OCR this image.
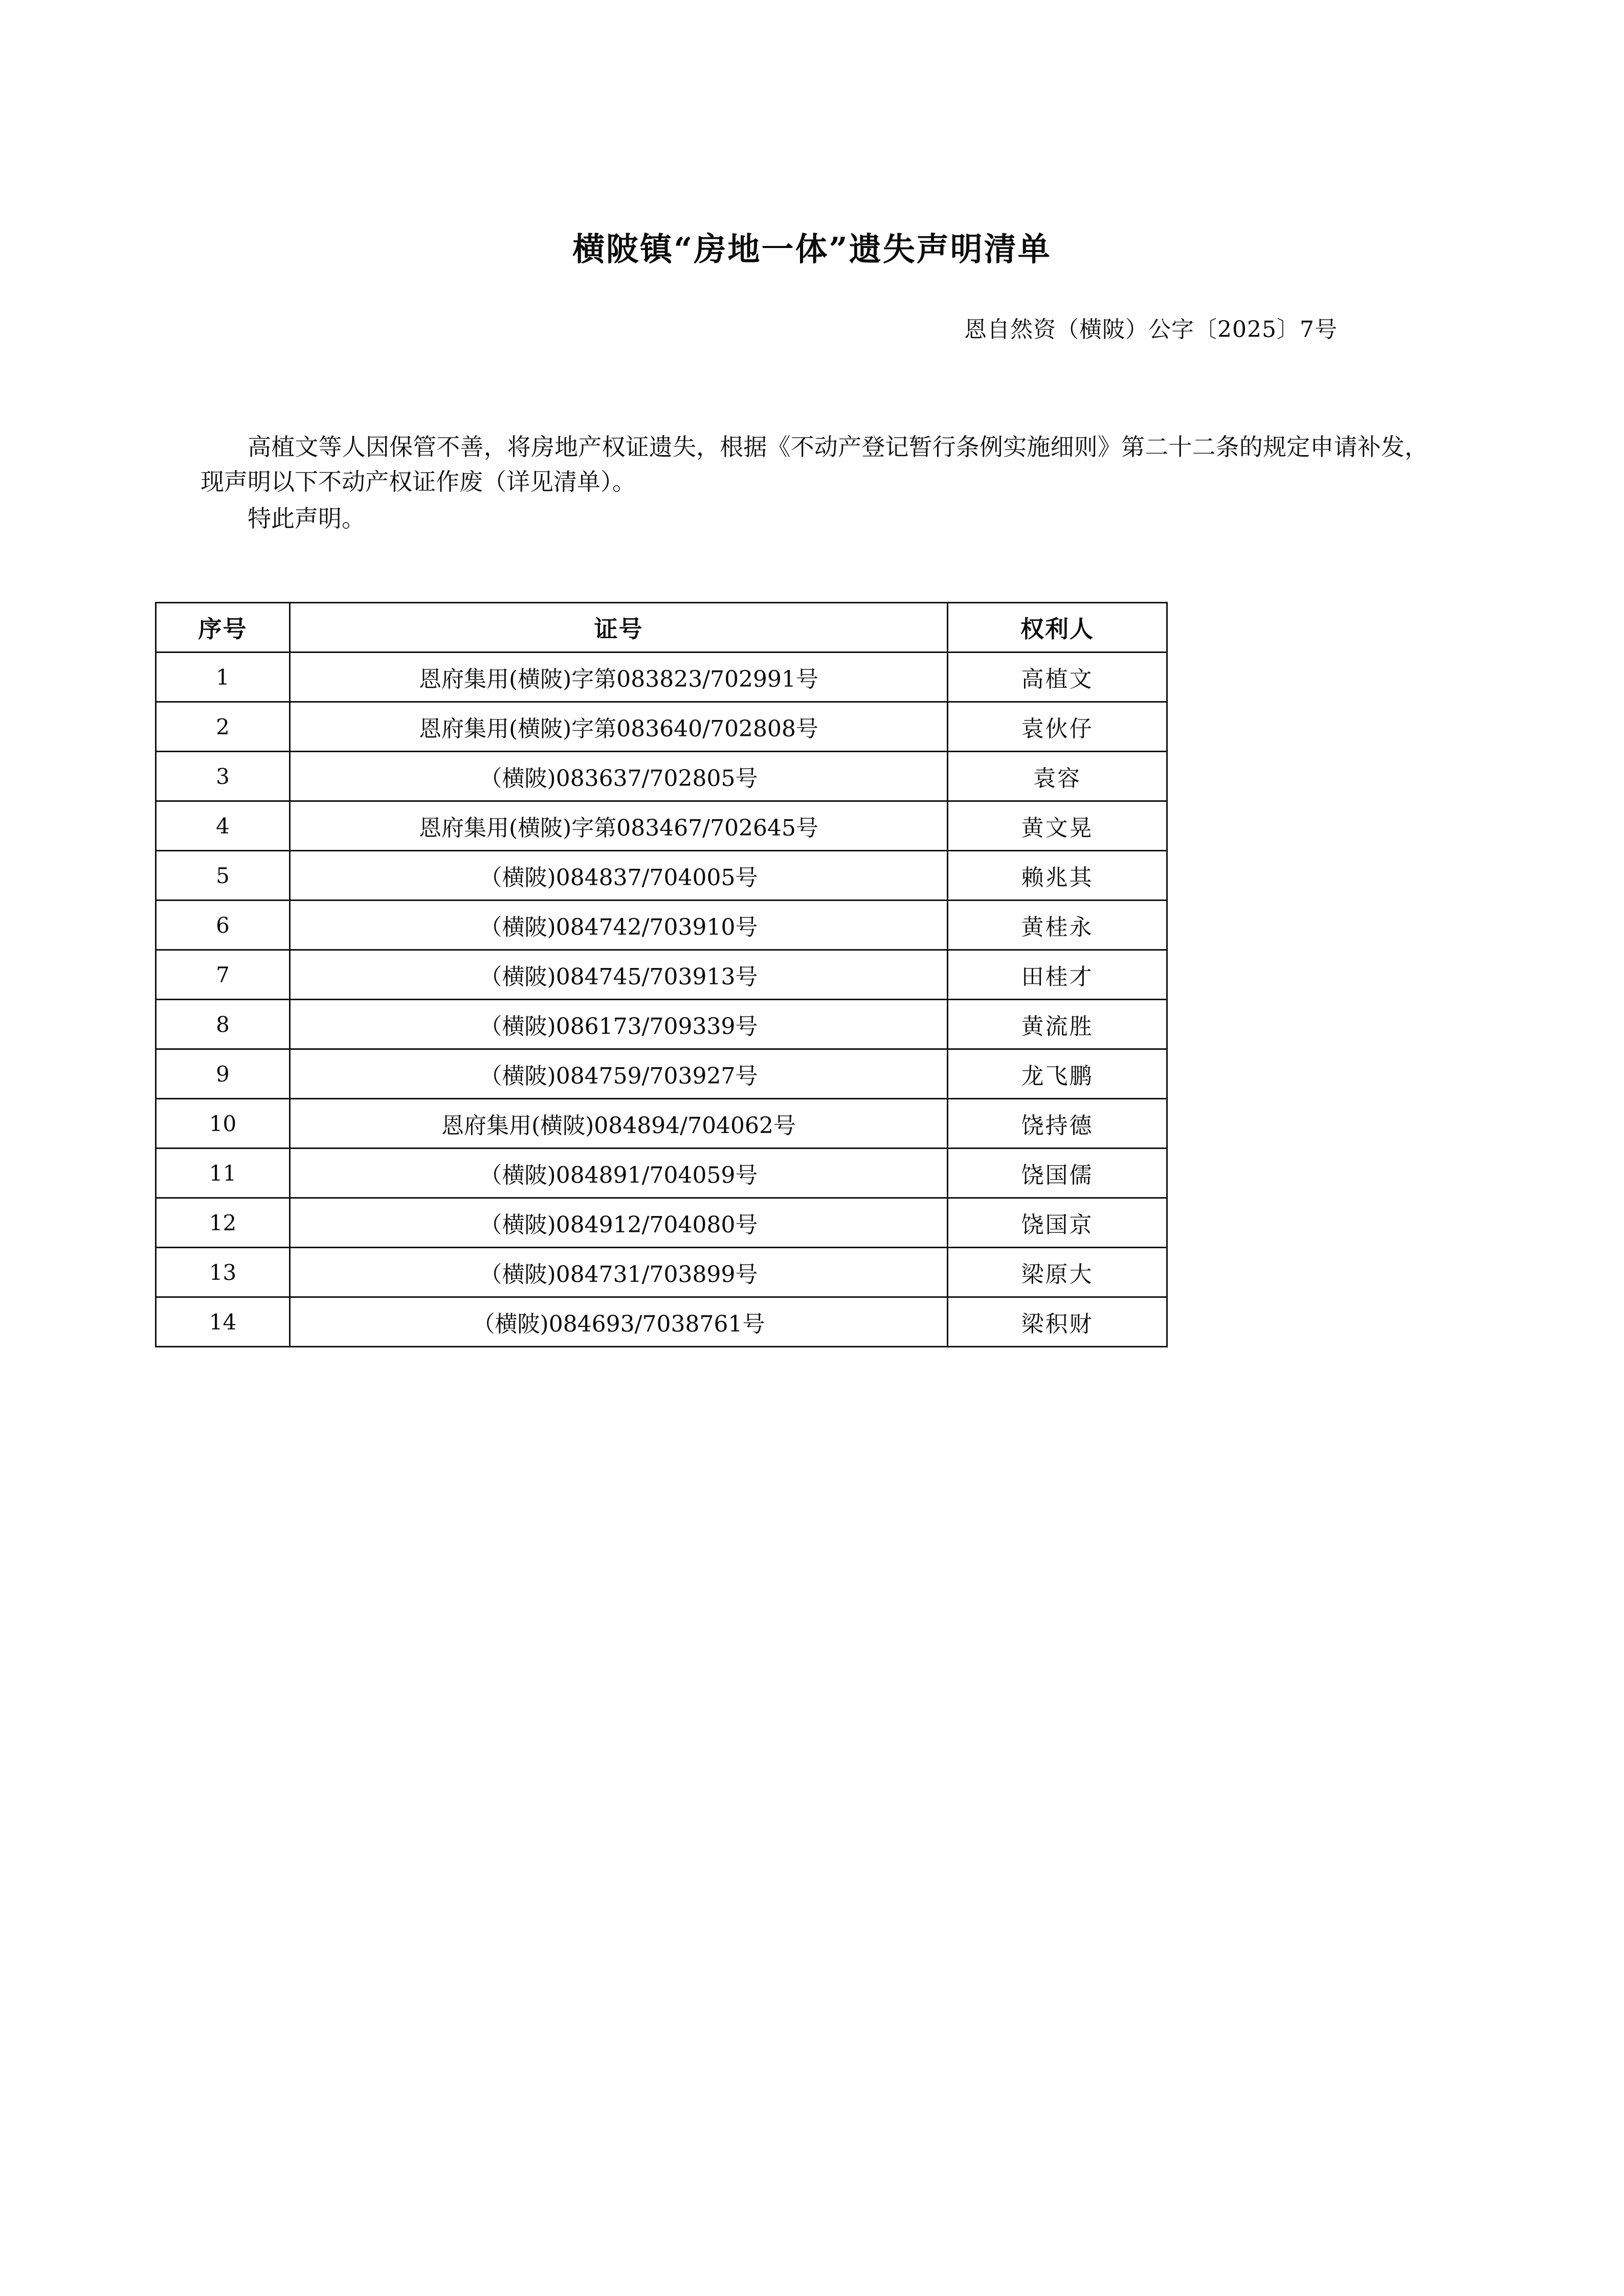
横陂镇“房地一体”遗失声明清单
恩自然资（横陂）公字〔2025〕7号

高植文等人因保管不善，将房地产权证遗失，根据《不动产登记暂行条例实施细则》第二十二条的规定申请补发，现声明以下不动产权证作废（详见清单）。

特此声明。

序号	证号	权利人
1	恩府集用(横陂)字第083823/702991号	高植文
2	恩府集用(横陂)字第083640/702808号	袁伙仔
3	（横陂)083637/702805号	袁容
4	恩府集用(横陂)字第083467/702645号	黄文晃
5	（横陂)084837/704005号	赖兆其
6	（横陂)084742/703910号	黄桂永
7	（横陂)084745/703913号	田桂才
8	（横陂)086173/709339号	黄流胜
9	（横陂)084759/703927号	龙飞鹏
10	恩府集用(横陂)084894/704062号	饶持德
11	（横陂)084891/704059号	饶国儒
12	（横陂)084912/704080号	饶国京
13	（横陂)084731/703899号	梁原大
14	（横陂)084693/7038761号	梁积财
